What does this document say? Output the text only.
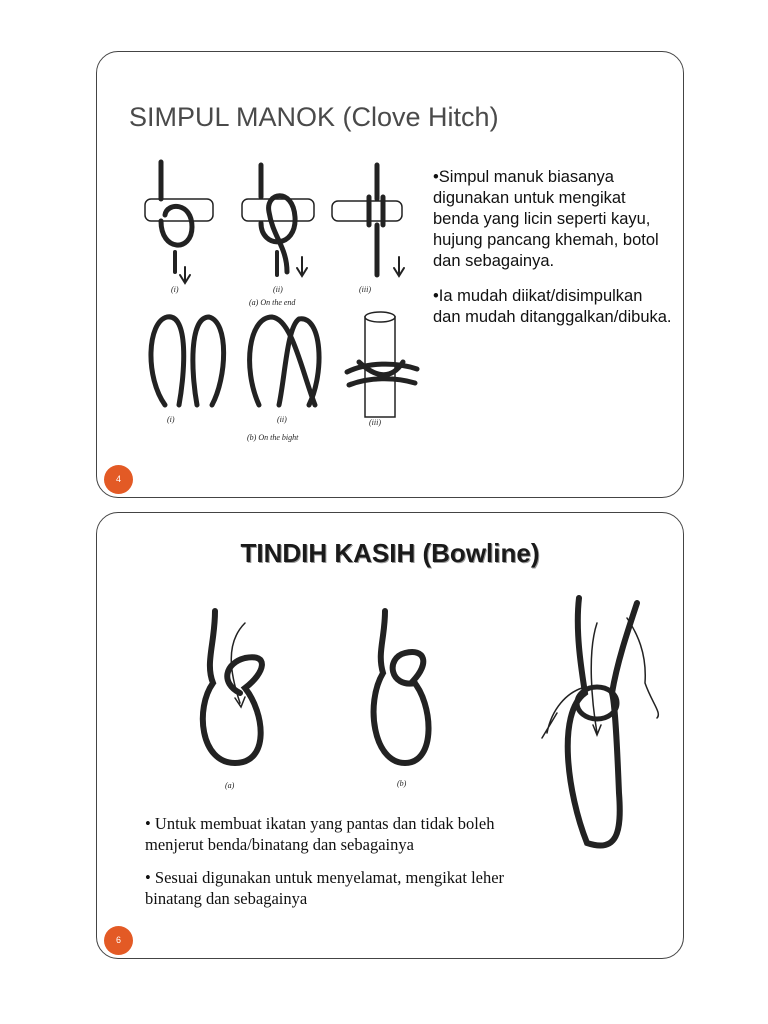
SIMPUL MANOK (Clove Hitch)
(i)	(ii)	(iii)
(a) On the end
(i)	(ii)	(iii)
(b) On the bight

•Simpul manuk biasanya digunakan untuk mengikat benda yang licin seperti kayu, hujung pancang khemah, botol dan sebagainya.

•Ia mudah diikat/disimpulkan dan mudah ditanggalkan/dibuka.

4
TINDIH KASIH (Bowline)
(a)	(b)

• Untuk membuat ikatan yang pantas dan tidak boleh menjerut benda/binatang dan sebagainya

• Sesuai digunakan untuk menyelamat, mengikat leher binatang dan sebagainya

6
